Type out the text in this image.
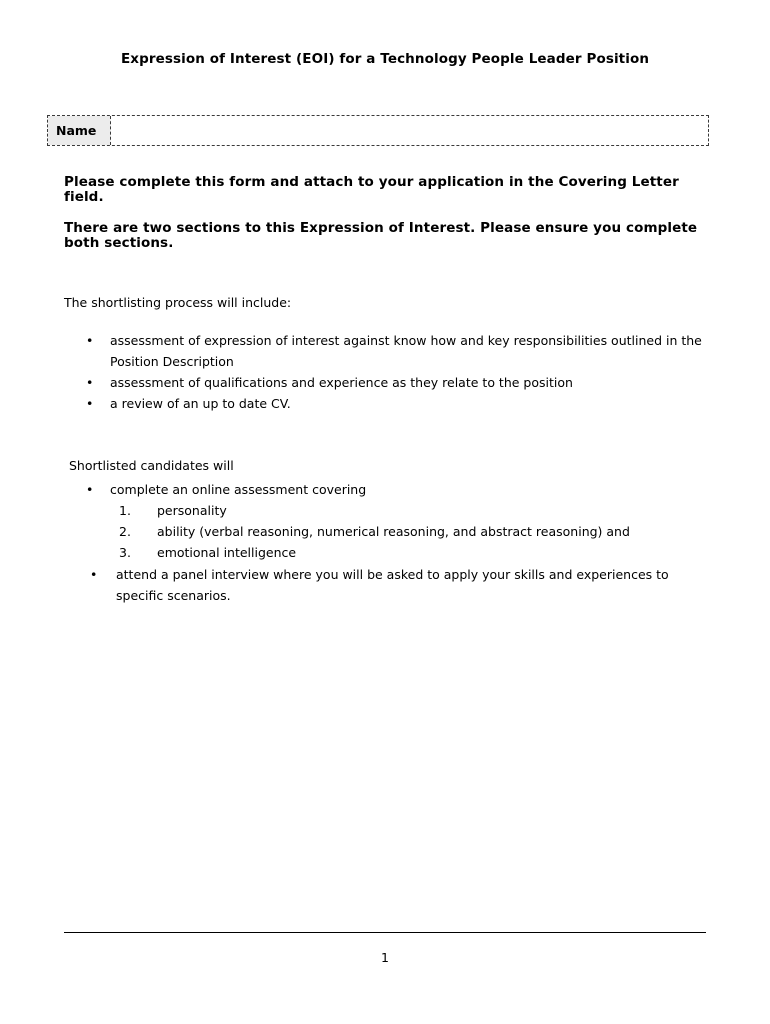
Expression of Interest (EOI) for a Technology People Leader Position
Name
Please complete this form and attach to your application in the Covering Letter field.
There are two sections to this Expression of Interest. Please ensure you complete both sections.
The shortlisting process will include:
• assessment of expression of interest against know how and key responsibilities outlined in the Position Description
• assessment of qualifications and experience as they relate to the position
• a review of an up to date CV.
Shortlisted candidates will
• complete an online assessment covering
1.	personality
2.	ability (verbal reasoning, numerical reasoning, and abstract reasoning) and
3.	emotional intelligence
• attend a panel interview where you will be asked to apply your skills and experiences to specific scenarios.
1
